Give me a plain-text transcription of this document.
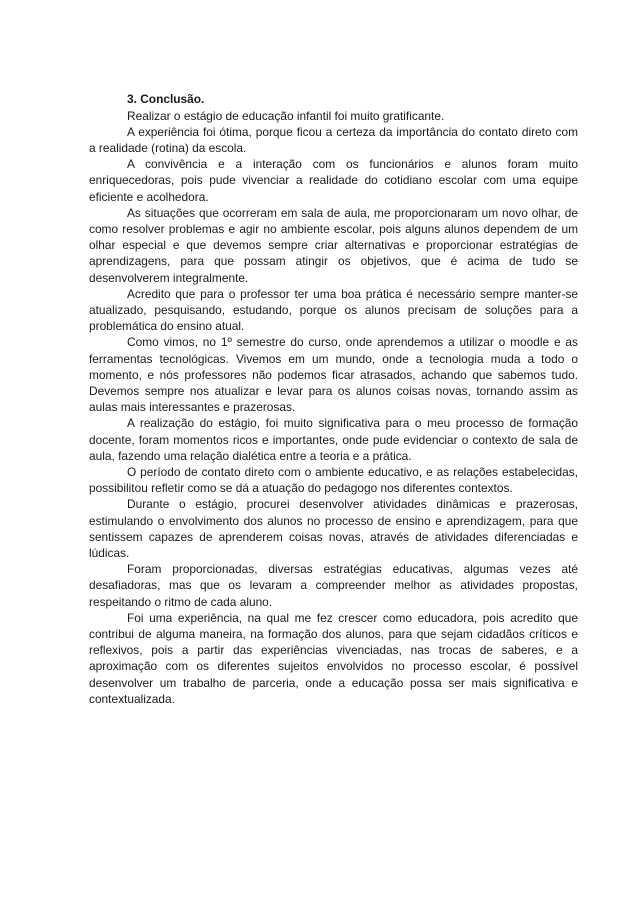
3. Conclusão.

Realizar o estágio de educação infantil foi muito gratificante.

A experiência foi ótima, porque ficou a certeza da importância do contato direto com a realidade (rotina) da escola.

A convivência e a interação com os funcionários e alunos foram muito enriquecedoras, pois pude vivenciar a realidade do cotidiano escolar com uma equipe eficiente e acolhedora.

As situações que ocorreram em sala de aula, me proporcionaram um novo olhar, de como resolver problemas e agir no ambiente escolar, pois alguns alunos dependem de um olhar especial e que devemos sempre criar alternativas e proporcionar estratégias de aprendizagens, para que possam atingir os objetivos, que é acima de tudo se desenvolverem integralmente.

Acredito que para o professor ter uma boa prática é necessário sempre manter-se atualizado, pesquisando, estudando, porque os alunos precisam de soluções para a problemática do ensino atual.

Como vimos, no 1º semestre do curso, onde aprendemos a utilizar o moodle e as ferramentas tecnológicas. Vivemos em um mundo, onde a tecnologia muda a todo o momento, e nós professores não podemos ficar atrasados, achando que sabemos tudo. Devemos sempre nos atualizar e levar para os alunos coisas novas, tornando assim as aulas mais interessantes e prazerosas.

A realização do estágio, foi muito significativa para o meu processo de formação docente, foram momentos ricos e importantes, onde pude evidenciar o contexto de sala de aula, fazendo uma relação dialética entre a teoria e a prática.

O período de contato direto com o ambiente educativo, e as relações estabelecidas, possibilitou refletir como se dá a atuação do pedagogo nos diferentes contextos.

Durante o estágio, procurei desenvolver atividades dinâmicas e prazerosas, estimulando o envolvimento dos alunos no processo de ensino e aprendizagem, para que sentissem capazes de aprenderem coisas novas, através de atividades diferenciadas e lúdicas.

Foram proporcionadas, diversas estratégias educativas, algumas vezes até desafiadoras, mas que os levaram a compreender melhor as atividades propostas, respeitando o ritmo de cada aluno.

Foi uma experiência, na qual me fez crescer como educadora, pois acredito que contribui de alguma maneira, na formação dos alunos, para que sejam cidadãos críticos e reflexivos, pois a partir das experiências vivenciadas, nas trocas de saberes, e a aproximação com os diferentes sujeitos envolvidos no processo escolar, é possível desenvolver um trabalho de parceria, onde a educação possa ser mais significativa e contextualizada.
